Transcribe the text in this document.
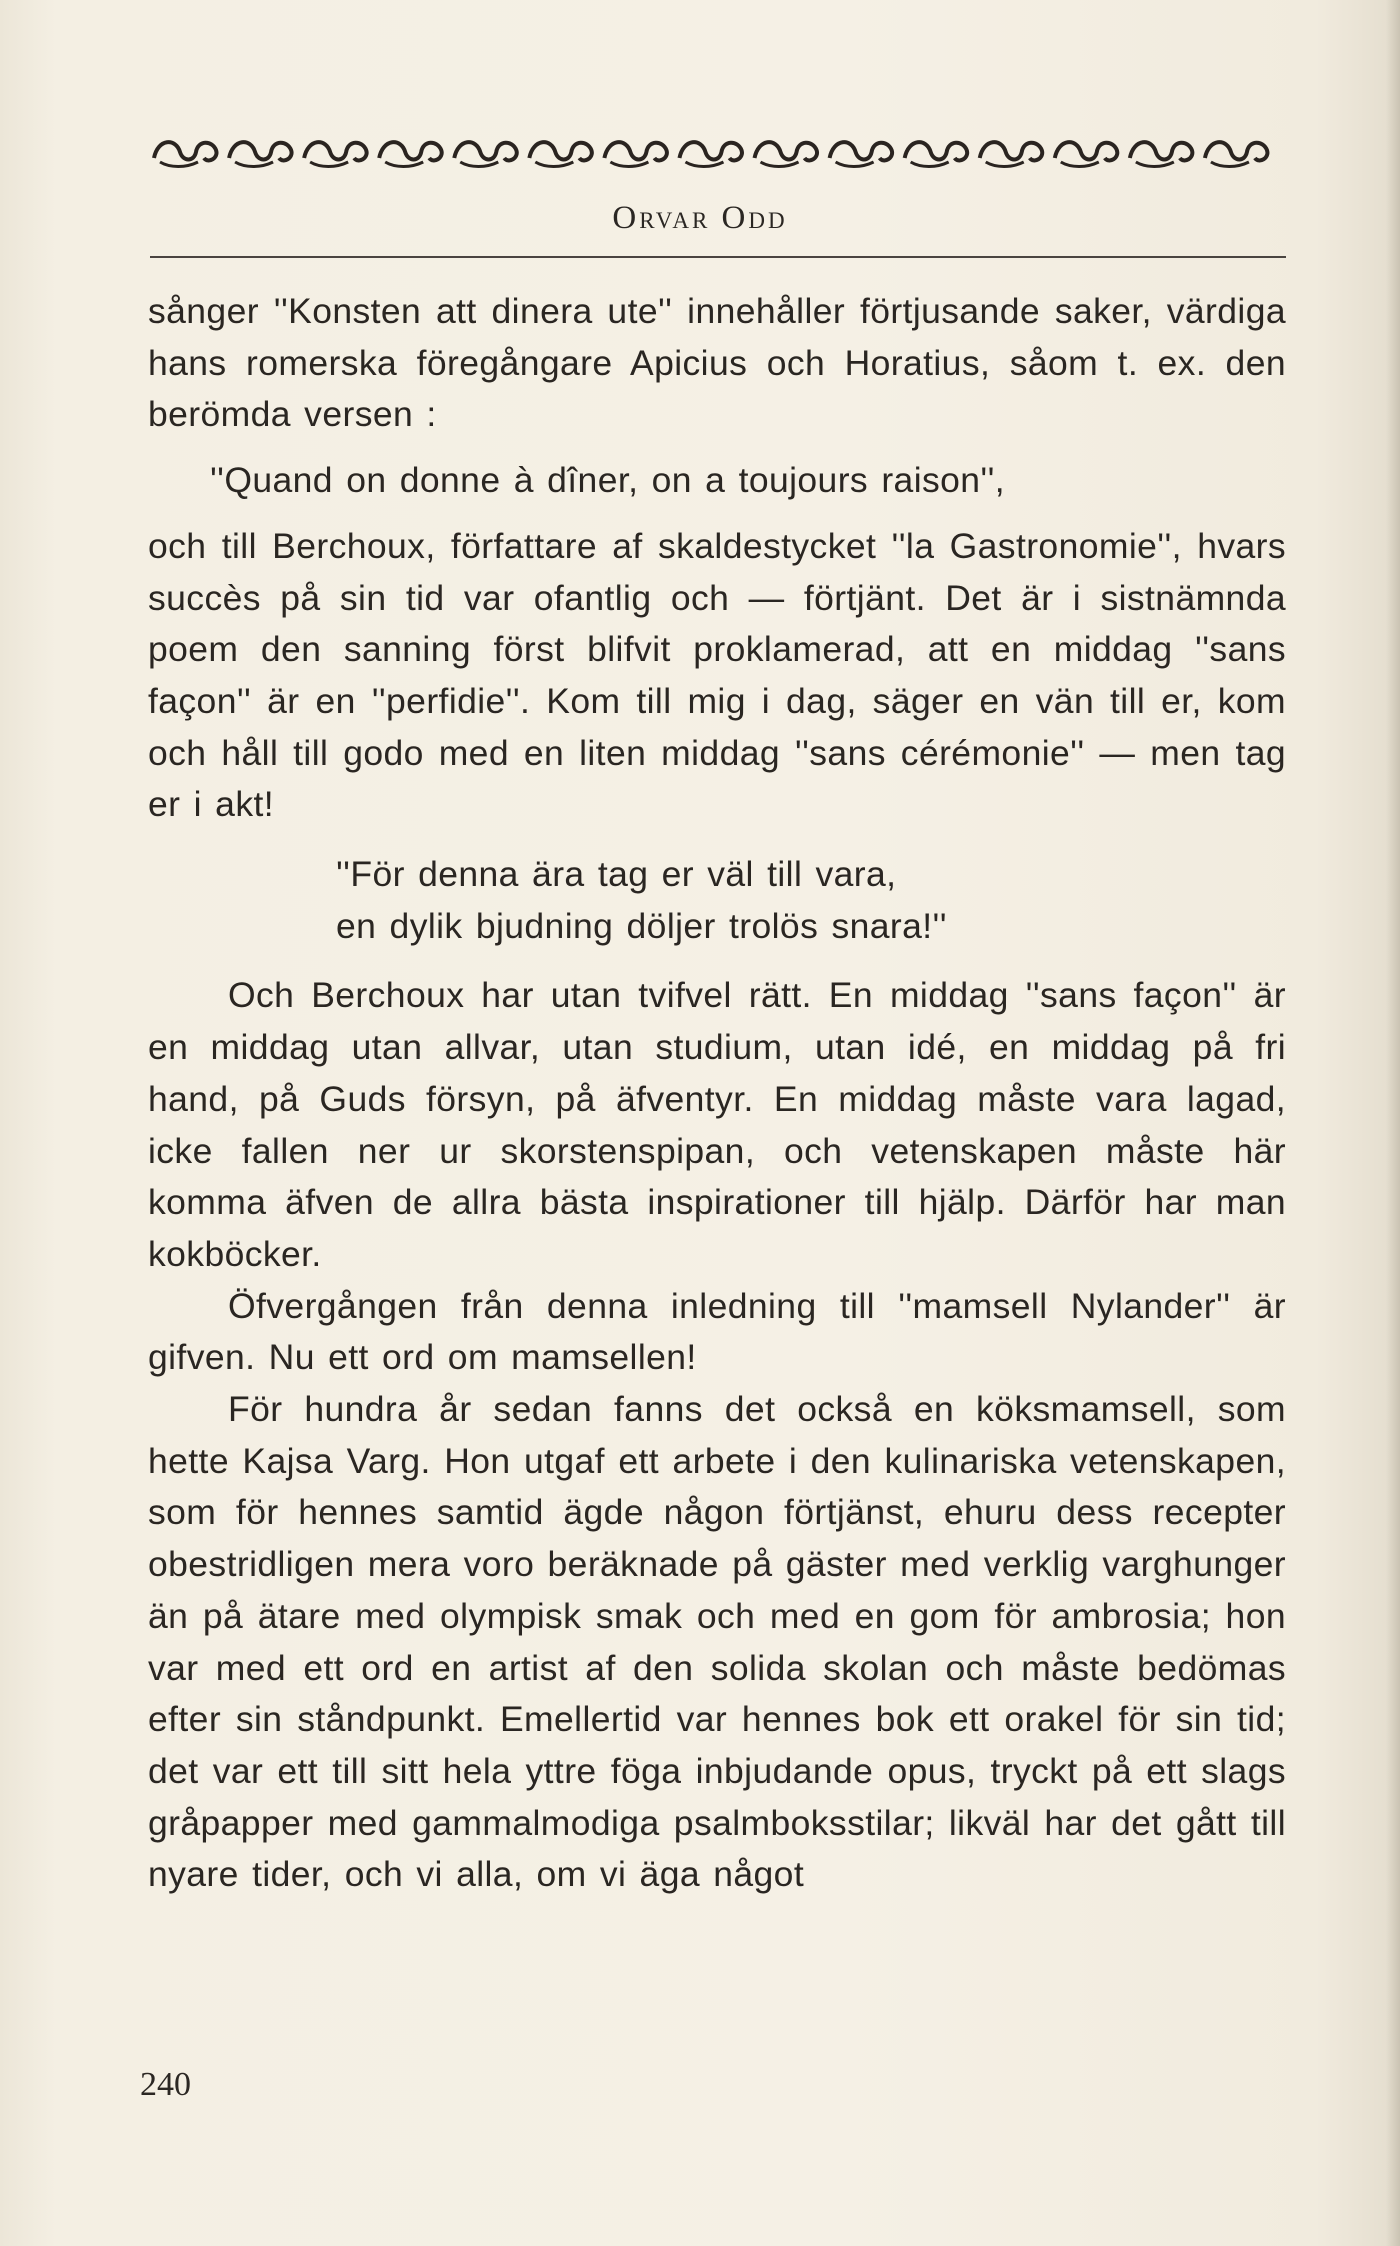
Orvar Odd

sånger ''Konsten att dinera ute'' innehåller förtjusande saker, värdiga hans romerska föregångare Apicius och Horatius, såom t. ex. den berömda versen :

''Quand on donne à dîner, on a toujours raison'',

och till Berchoux, författare af skaldestycket ''la Gastronomie'', hvars succès på sin tid var ofantlig och — förtjänt. Det är i sistnämnda poem den sanning först blifvit proklamerad, att en middag ''sans façon'' är en ''perfidie''. Kom till mig i dag, säger en vän till er, kom och håll till godo med en liten middag ''sans cérémonie'' — men tag er i akt!

''För denna ära tag er väl till vara,

en dylik bjudning döljer trolös snara!''

Och Berchoux har utan tvifvel rätt. En middag ''sans façon'' är en middag utan allvar, utan studium, utan idé, en middag på fri hand, på Guds försyn, på äfventyr. En middag måste vara lagad, icke fallen ner ur skorstenspipan, och vetenskapen måste här komma äfven de allra bästa inspirationer till hjälp. Därför har man kokböcker.

Öfvergången från denna inledning till ''mamsell Nylander'' är gifven. Nu ett ord om mamsellen!

För hundra år sedan fanns det också en köksmamsell, som hette Kajsa Varg. Hon utgaf ett arbete i den kulinariska vetenskapen, som för hennes samtid ägde någon förtjänst, ehuru dess recepter obestridligen mera voro beräknade på gäster med verklig varghunger än på ätare med olympisk smak och med en gom för ambrosia; hon var med ett ord en artist af den solida skolan och måste bedömas efter sin ståndpunkt. Emellertid var hennes bok ett orakel för sin tid; det var ett till sitt hela yttre föga inbjudande opus, tryckt på ett slags gråpapper med gammalmodiga psalmboksstilar; likväl har det gått till nyare tider, och vi alla, om vi äga något

240
